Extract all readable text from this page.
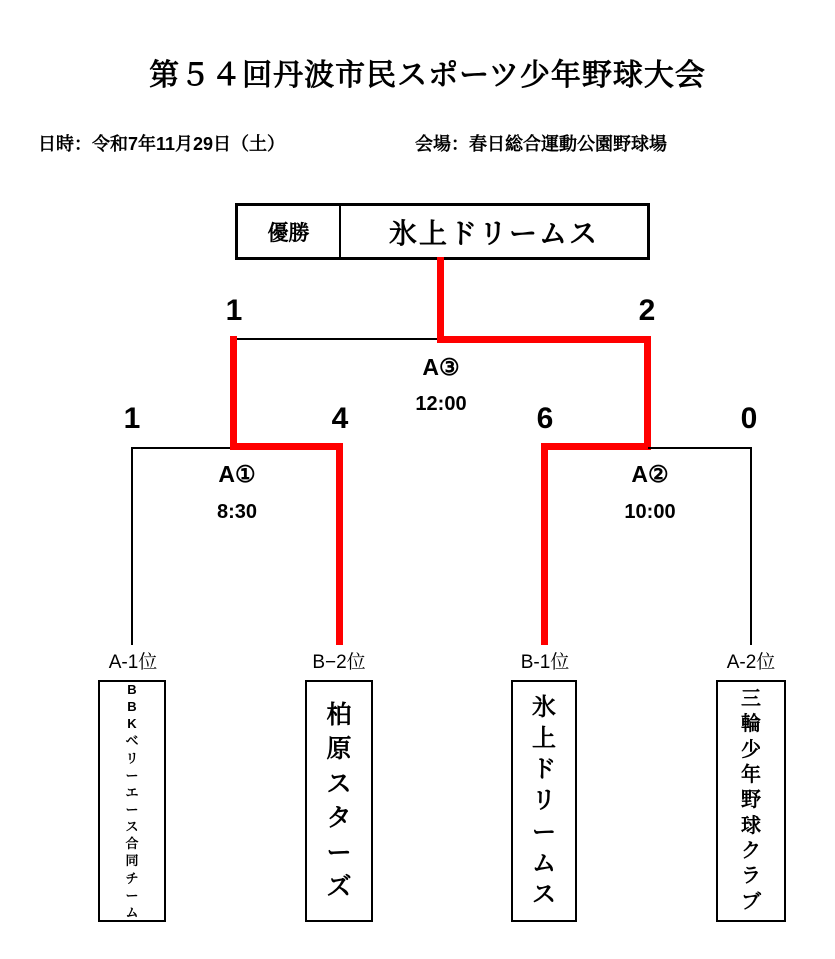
第５４回丹波市民スポーツ少年野球大会
日時：令和7年11月29日（土）	会場：春日総合運動公園野球場
優勝	氷上ドリームス
1	2
A③
12:00
1	4
A①
8:30
6	0
A②
10:00
A-1位	B−2位	B-1位	A-2位
BBKベリーエース合同チーム
柏原スターズ
氷上ドリームス
三輪少年野球クラブ
